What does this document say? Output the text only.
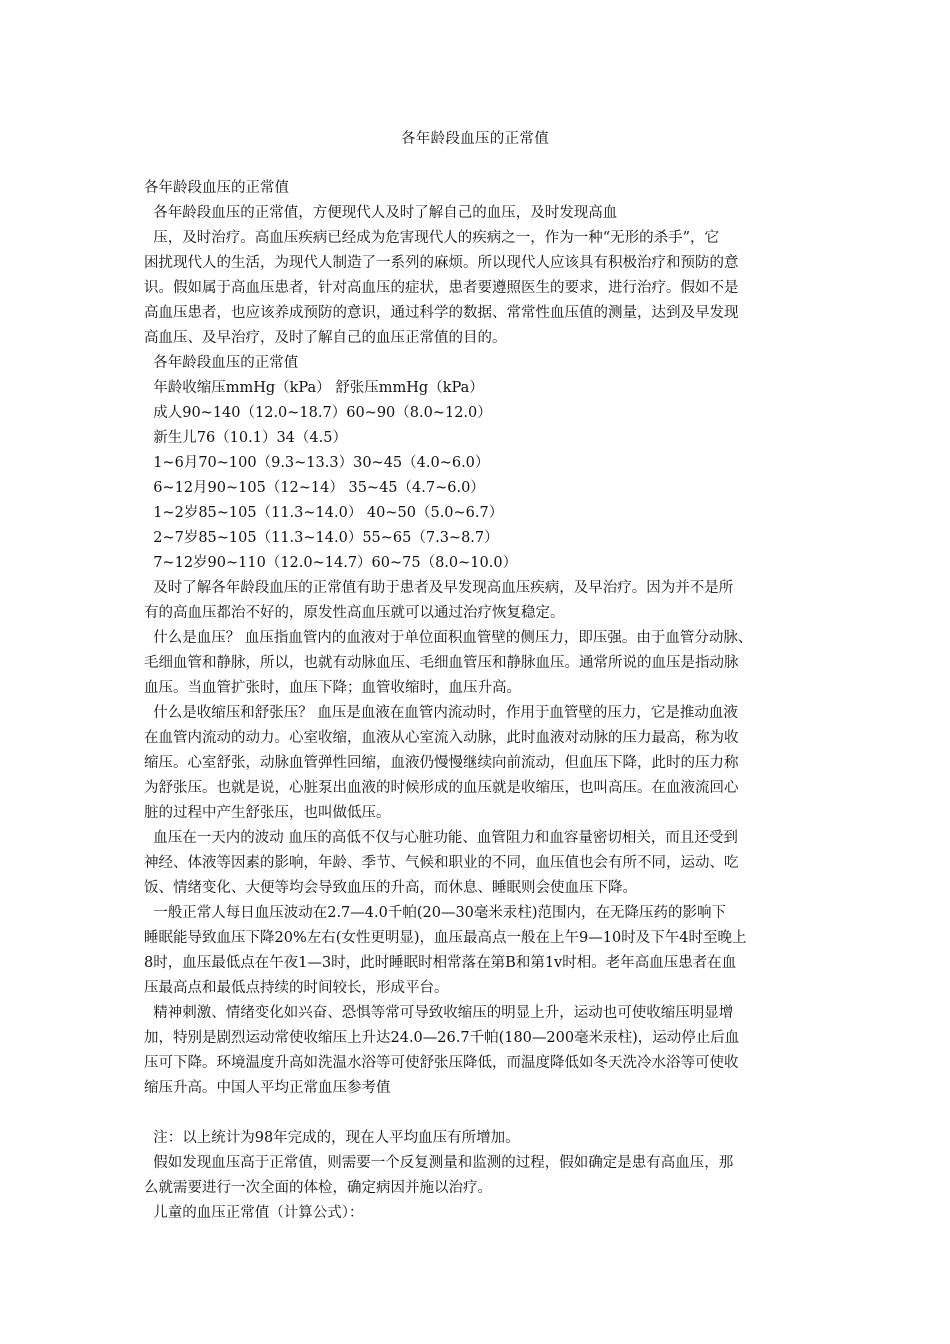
各年龄段血压的正常值
各年龄段血压的正常值
各年龄段血压的正常值，方便现代人及时了解自己的血压，及时发现高血
压，及时治疗。高血压疾病已经成为危害现代人的疾病之一，作为一种“无形的杀手”，它
困扰现代人的生活，为现代人制造了一系列的麻烦。所以现代人应该具有积极治疗和预防的意
识。假如属于高血压患者，针对高血压的症状，患者要遵照医生的要求，进行治疗。假如不是
高血压患者，也应该养成预防的意识，通过科学的数据、常常性血压值的测量，达到及早发现
高血压、及早治疗，及时了解自己的血压正常值的目的。
各年龄段血压的正常值
年龄收缩压mmHg（kPa） 舒张压mmHg（kPa）
成人90~140（12.0~18.7）60~90（8.0~12.0）
新生儿76（10.1）34（4.5）
1~6月70~100（9.3~13.3）30~45（4.0~6.0）
6~12月90~105（12~14） 35~45（4.7~6.0）
1~2岁85~105（11.3~14.0） 40~50（5.0~6.7）
2~7岁85~105（11.3~14.0）55~65（7.3~8.7）
7~12岁90~110（12.0~14.7）60~75（8.0~10.0）
及时了解各年龄段血压的正常值有助于患者及早发现高血压疾病，及早治疗。因为并不是所
有的高血压都治不好的，原发性高血压就可以通过治疗恢复稳定。
什么是血压？ 血压指血管内的血液对于单位面积血管壁的侧压力，即压强。由于血管分动脉、
毛细血管和静脉，所以，也就有动脉血压、毛细血管压和静脉血压。通常所说的血压是指动脉
血压。当血管扩张时，血压下降；血管收缩时，血压升高。
什么是收缩压和舒张压？ 血压是血液在血管内流动时，作用于血管壁的压力，它是推动血液
在血管内流动的动力。心室收缩，血液从心室流入动脉，此时血液对动脉的压力最高，称为收
缩压。心室舒张，动脉血管弹性回缩，血液仍慢慢继续向前流动，但血压下降，此时的压力称
为舒张压。也就是说，心脏泵出血液的时候形成的血压就是收缩压，也叫高压。在血液流回心
脏的过程中产生舒张压，也叫做低压。
血压在一天内的波动 血压的高低不仅与心脏功能、血管阻力和血容量密切相关，而且还受到
神经、体液等因素的影响，年龄、季节、气候和职业的不同，血压值也会有所不同，运动、吃
饭、情绪变化、大便等均会导致血压的升高，而休息、睡眠则会使血压下降。
一般正常人每日血压波动在2.7—4.0千帕(20—30毫米汞柱)范围内，在无降压药的影响下
睡眠能导致血压下降20%左右(女性更明显)，血压最高点一般在上午9—10时及下午4时至晚上
8时，血压最低点在午夜1—3时，此时睡眠时相常落在第B和第1v时相。老年高血压患者在血
压最高点和最低点持续的时间较长，形成平台。
精神刺激、情绪变化如兴奋、恐惧等常可导致收缩压的明显上升，运动也可使收缩压明显增
加，特别是剧烈运动常使收缩压上升达24.0—26.7千帕(180—200毫米汞柱)，运动停止后血
压可下降。环境温度升高如洗温水浴等可使舒张压降低，而温度降低如冬天洗冷水浴等可使收
缩压升高。中国人平均正常血压参考值
注：以上统计为98年完成的，现在人平均血压有所增加。
假如发现血压高于正常值，则需要一个反复测量和监测的过程，假如确定是患有高血压，那
么就需要进行一次全面的体检，确定病因并施以治疗。
儿童的血压正常值（计算公式）：
